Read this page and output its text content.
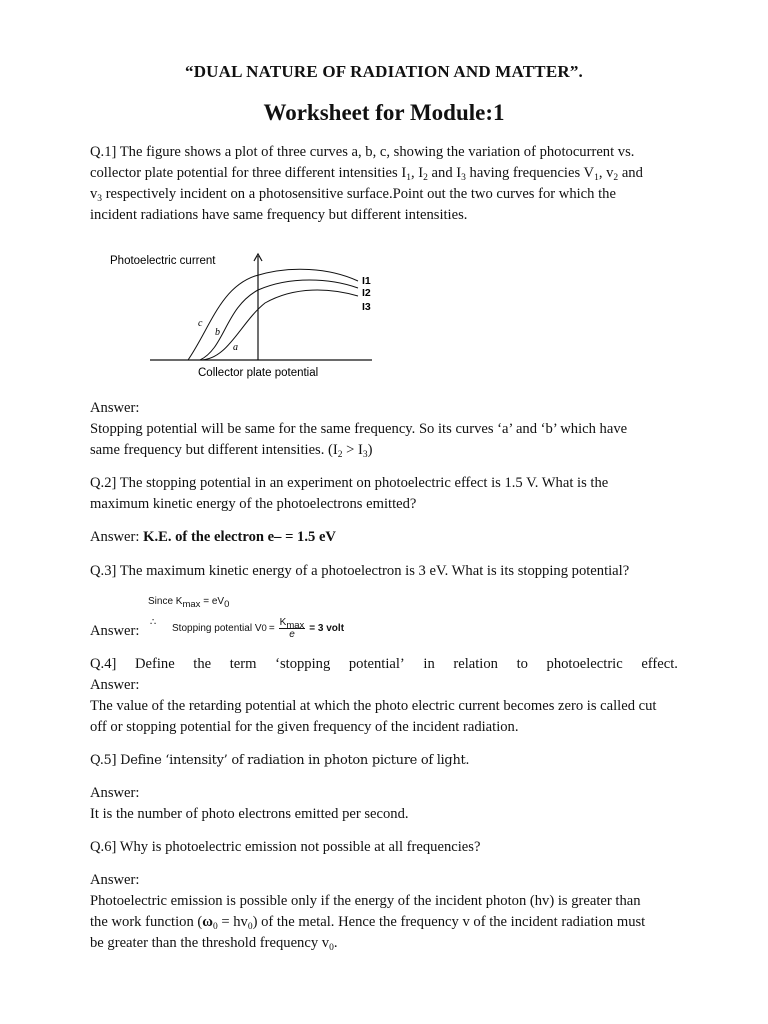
“DUAL NATURE OF RADIATION AND MATTER”.
Worksheet for Module:1
Q.1] The figure shows a plot of three curves a, b, c, showing the variation of photocurrent vs.
collector plate potential for three different intensities $I_1$, $I_2$ and $I_3$ having frequencies $V_1$, $v_2$ and
$v_3$ respectively incident on a photosensitive surface.Point out the two curves for which the
incident radiations have same frequency but different intensities.
Photoelectric current
I1
I2
I3
c
b
a
Collector plate potential
Answer:
Stopping potential will be same for the same frequency. So its curves ‘a’ and ‘b’ which have
same frequency but different intensities. $(I_2 > I_3)$
Q.2] The stopping potential in an experiment on photoelectric effect is 1.5 V. What is the
maximum kinetic energy of the photoelectrons emitted?
Answer: K.E. of the electron e– = 1.5 eV
Q.3] The maximum kinetic energy of a photoelectron is 3 eV. What is its stopping potential?
Since $K_{max} = eV_0$
Answer:
∴
Stopping potential V 0 =
$K_{max}$
e
= 3 volt
Q.4] Define the term ‘stopping potential’ in relation to photoelectric effect.
Answer:
The value of the retarding potential at which the photo electric current becomes zero is called cut
off or stopping potential for the given frequency of the incident radiation.
Q.5] Define ‘intensity’ of radiation in photon picture of light.
Answer:
It is the number of photo electrons emitted per second.
Q.6] Why is photoelectric emission not possible at all frequencies?
Answer:
Photoelectric emission is possible only if the energy of the incident photon (hv) is greater than
the work function $(\omega_0 = hv_0)$ of the metal. Hence the frequency v of the incident radiation must
be greater than the threshold frequency $v_0$.
